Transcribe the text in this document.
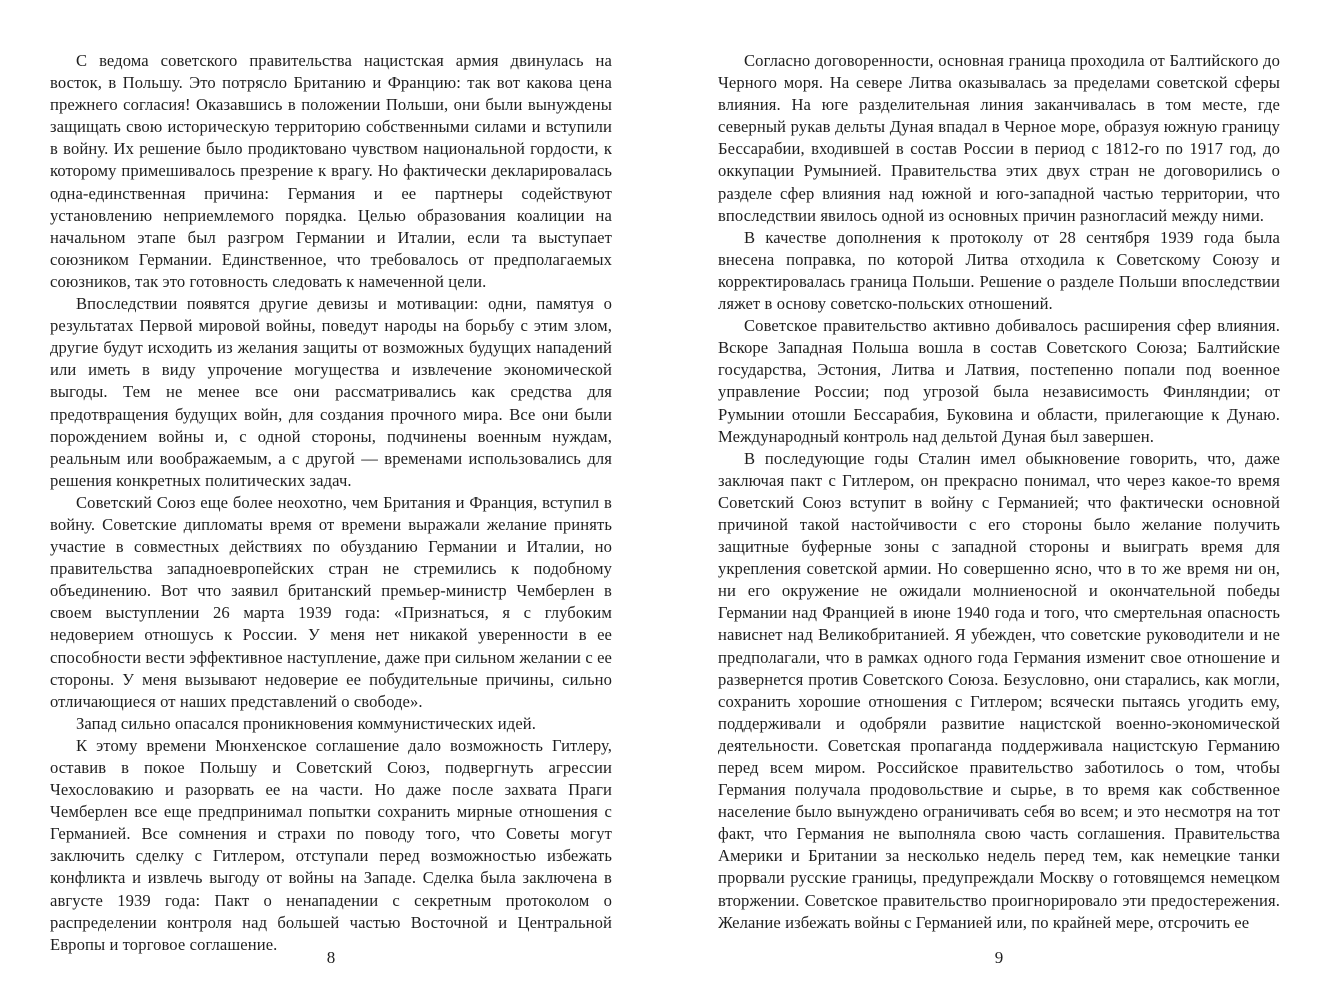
С ведома советского правительства нацистская армия двинулась на восток, в Польшу. Это потрясло Британию и Францию: так вот какова цена прежнего согласия! Оказавшись в положении Польши, они были вынуждены защищать свою историческую территорию собственными силами и вступили в войну. Их решение было продиктовано чувством национальной гордости, к которому примешивалось презрение к врагу. Но фактически декларировалась одна-единственная причина: Германия и ее партнеры содействуют установлению неприемлемого порядка. Целью образования коалиции на начальном этапе был разгром Германии и Италии, если та выступает союзником Германии. Единственное, что требовалось от предполагаемых союзников, так это готовность следовать к намеченной цели.

Впоследствии появятся другие девизы и мотивации: одни, памятуя о результатах Первой мировой войны, поведут народы на борьбу с этим злом, другие будут исходить из желания защиты от возможных будущих нападений или иметь в виду упрочение могущества и извлечение экономической выгоды. Тем не менее все они рассматривались как средства для предотвращения будущих войн, для создания прочного мира. Все они были порождением войны и, с одной стороны, подчинены военным нуждам, реальным или воображаемым, а с другой — временами использовались для решения конкретных политических задач.

Советский Союз еще более неохотно, чем Британия и Франция, вступил в войну. Советские дипломаты время от времени выражали желание принять участие в совместных действиях по обузданию Германии и Италии, но правительства западноевропейских стран не стремились к подобному объединению. Вот что заявил британский премьер-министр Чемберлен в своем выступлении 26 марта 1939 года: «Признаться, я с глубоким недоверием отношусь к России. У меня нет никакой уверенности в ее способности вести эффективное наступление, даже при сильном желании с ее стороны. У меня вызывают недоверие ее побудительные причины, сильно отличающиеся от наших представлений о свободе».

Запад сильно опасался проникновения коммунистических идей.

К этому времени Мюнхенское соглашение дало возможность Гитлеру, оставив в покое Польшу и Советский Союз, подвергнуть агрессии Чехословакию и разорвать ее на части. Но даже после захвата Праги Чемберлен все еще предпринимал попытки сохранить мирные отношения с Германией. Все сомнения и страхи по поводу того, что Советы могут заключить сделку с Гитлером, отступали перед возможностью избежать конфликта и извлечь выгоду от войны на Западе. Сделка была заключена в августе 1939 года: Пакт о ненападении с секретным протоколом о распределении контроля над большей частью Восточной и Центральной Европы и торговое соглашение.

8

Согласно договоренности, основная граница проходила от Балтийского до Черного моря. На севере Литва оказывалась за пределами советской сферы влияния. На юге разделительная линия заканчивалась в том месте, где северный рукав дельты Дуная впадал в Черное море, образуя южную границу Бессарабии, входившей в состав России в период с 1812-го по 1917 год, до оккупации Румынией. Правительства этих двух стран не договорились о разделе сфер влияния над южной и юго-западной частью территории, что впоследствии явилось одной из основных причин разногласий между ними.

В качестве дополнения к протоколу от 28 сентября 1939 года была внесена поправка, по которой Литва отходила к Советскому Союзу и корректировалась граница Польши. Решение о разделе Польши впоследствии ляжет в основу советско-польских отношений.

Советское правительство активно добивалось расширения сфер влияния. Вскоре Западная Польша вошла в состав Советского Союза; Балтийские государства, Эстония, Литва и Латвия, постепенно попали под военное управление России; под угрозой была независимость Финляндии; от Румынии отошли Бессарабия, Буковина и области, прилегающие к Дунаю. Международный контроль над дельтой Дуная был завершен.

В последующие годы Сталин имел обыкновение говорить, что, даже заключая пакт с Гитлером, он прекрасно понимал, что через какое-то время Советский Союз вступит в войну с Германией; что фактически основной причиной такой настойчивости с его стороны было желание получить защитные буферные зоны с западной стороны и выиграть время для укрепления советской армии. Но совершенно ясно, что в то же время ни он, ни его окружение не ожидали молниеносной и окончательной победы Германии над Францией в июне 1940 года и того, что смертельная опасность нависнет над Великобританией. Я убежден, что советские руководители и не предполагали, что в рамках одного года Германия изменит свое отношение и развернется против Советского Союза. Безусловно, они старались, как могли, сохранить хорошие отношения с Гитлером; всячески пытаясь угодить ему, поддерживали и одобряли развитие нацистской военно-экономической деятельности. Советская пропаганда поддерживала нацистскую Германию перед всем миром. Российское правительство заботилось о том, чтобы Германия получала продовольствие и сырье, в то время как собственное население было вынуждено ограничивать себя во всем; и это несмотря на тот факт, что Германия не выполняла свою часть соглашения. Правительства Америки и Британии за несколько недель перед тем, как немецкие танки прорвали русские границы, предупреждали Москву о готовящемся немецком вторжении. Советское правительство проигнорировало эти предостережения. Желание избежать войны с Германией или, по крайней мере, отсрочить ее

9
